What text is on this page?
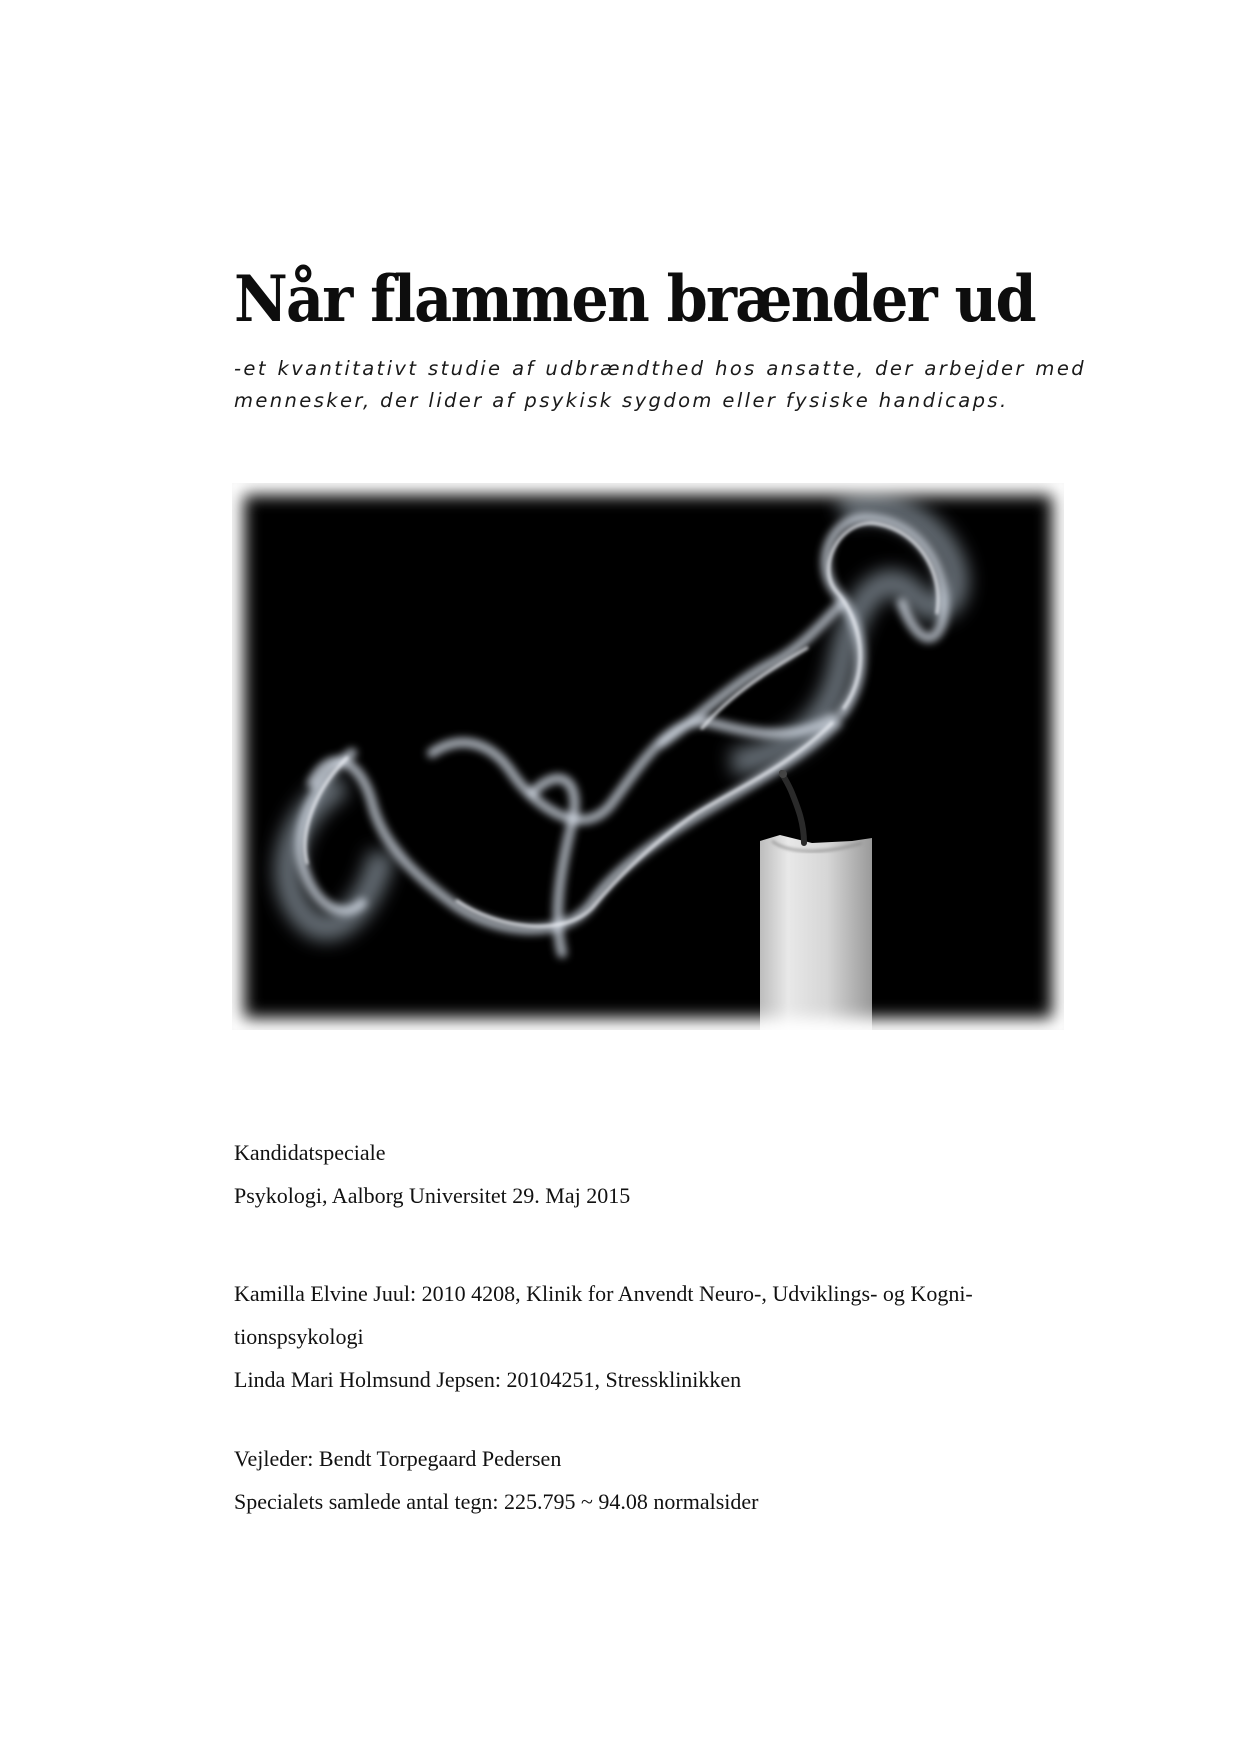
Når flammen brænder ud

-et kvantitativt studie af udbrændthed hos ansatte, der arbejder med mennesker, der lider af psykisk sygdom eller fysiske handicaps.

Kandidatspeciale

Psykologi, Aalborg Universitet 29. Maj 2015

Kamilla Elvine Juul: 2010 4208, Klinik for Anvendt Neuro-, Udviklings- og Kogni-

tionspsykologi

Linda Mari Holmsund Jepsen: 20104251, Stressklinikken

Vejleder: Bendt Torpegaard Pedersen

Specialets samlede antal tegn: 225.795 ~ 94.08 normalsider
